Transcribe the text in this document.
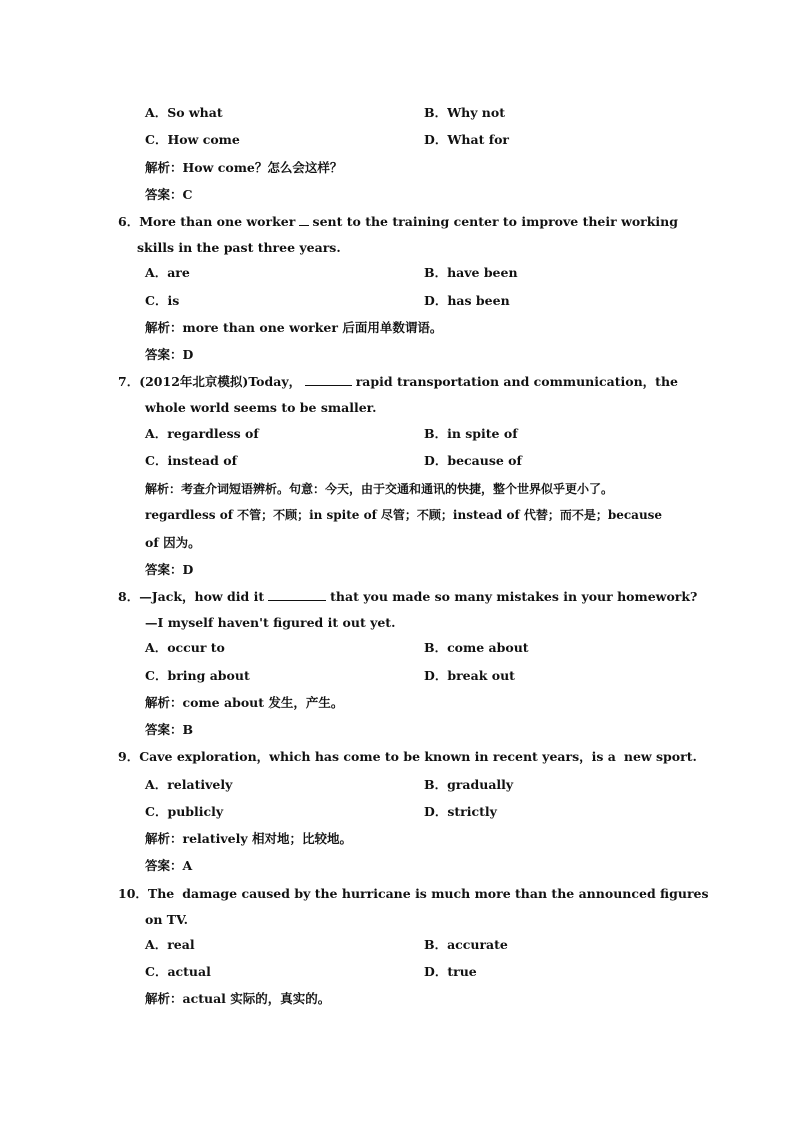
A．So what	B．Why not
C．How come	D．What for
解析：How come？怎么会这样？
答案：C
6．More than one worker sent to the training center to improve their working
skills in the past three years.
A．are	B．have been
C．is	D．has been
解析：more than one worker 后面用单数谓语。
答案：D
7．(2012年北京模拟)Today，	rapid transportation and communication，the
whole world seems to be smaller.
A．regardless of	B．in spite of
C．instead of	D．because of
解析：考查介词短语辨析。句意：今天，由于交通和通讯的快捷，整个世界似乎更小了。
regardless of 不管；不顾；in spite of 尽管；不顾；instead of 代替；而不是；because
of 因为。
答案：D
8．—Jack，how did it	that you made so many mistakes in your homework?
—I myself haven't figured it out yet.
A．occur to	B．come about
C．bring about	D．break out
解析：come about 发生，产生。
答案：B
9．Cave exploration，which has come to be known in recent years，is a new sport.
A．relatively	B．gradually
C．publicly	D．strictly
解析：relatively 相对地；比较地。
答案：A
10．The damage caused by the hurricane is much more than the announced figures
on TV.
A．real	B．accurate
C．actual	D．true
解析：actual 实际的，真实的。
